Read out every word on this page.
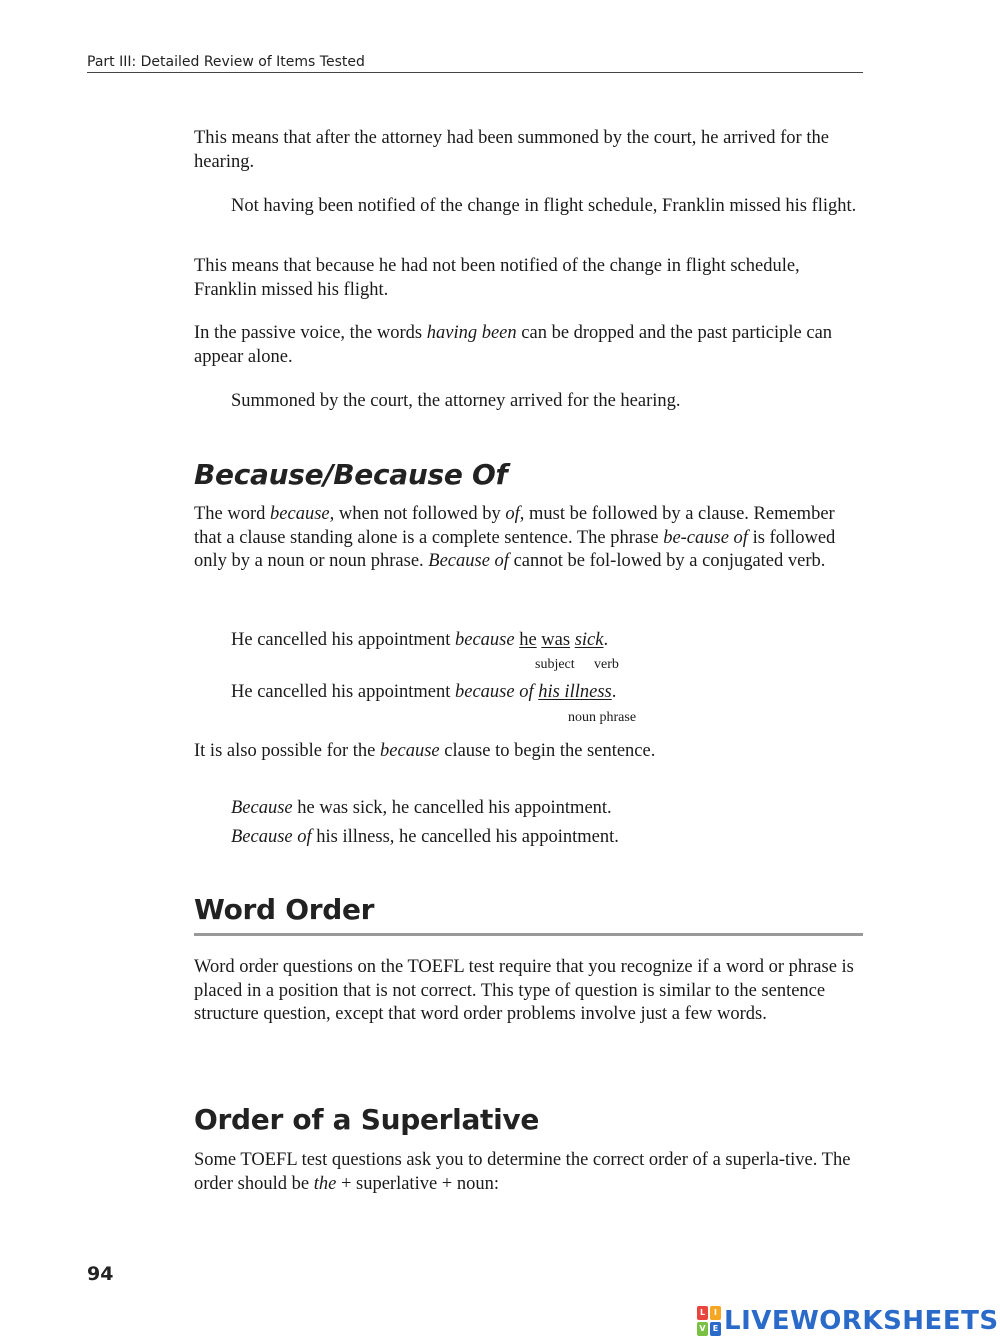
Part III: Detailed Review of Items Tested

This means that after the attorney had been summoned by the court, he arrived for the hearing.

Not having been notified of the change in flight schedule, Franklin missed his flight.

This means that because he had not been notified of the change in flight schedule, Franklin missed his flight.

In the passive voice, the words having been can be dropped and the past participle can appear alone.

Summoned by the court, the attorney arrived for the hearing.

Because/Because Of

The word because, when not followed by of, must be followed by a clause. Remember that a clause standing alone is a complete sentence. The phrase be-cause of is followed only by a noun or noun phrase. Because of cannot be fol-lowed by a conjugated verb.

He cancelled his appointment because he was sick.

subject verb

He cancelled his appointment because of his illness.

noun phrase

It is also possible for the because clause to begin the sentence.

Because he was sick, he cancelled his appointment.

Because of his illness, he cancelled his appointment.

Word Order

Word order questions on the TOEFL test require that you recognize if a word or phrase is placed in a position that is not correct. This type of question is similar to the sentence structure question, except that word order problems involve just a few words.

Order of a Superlative

Some TOEFL test questions ask you to determine the correct order of a superla-tive. The order should be the + superlative + noun:

94
L	I
V E LIVEWORKSHEETS
